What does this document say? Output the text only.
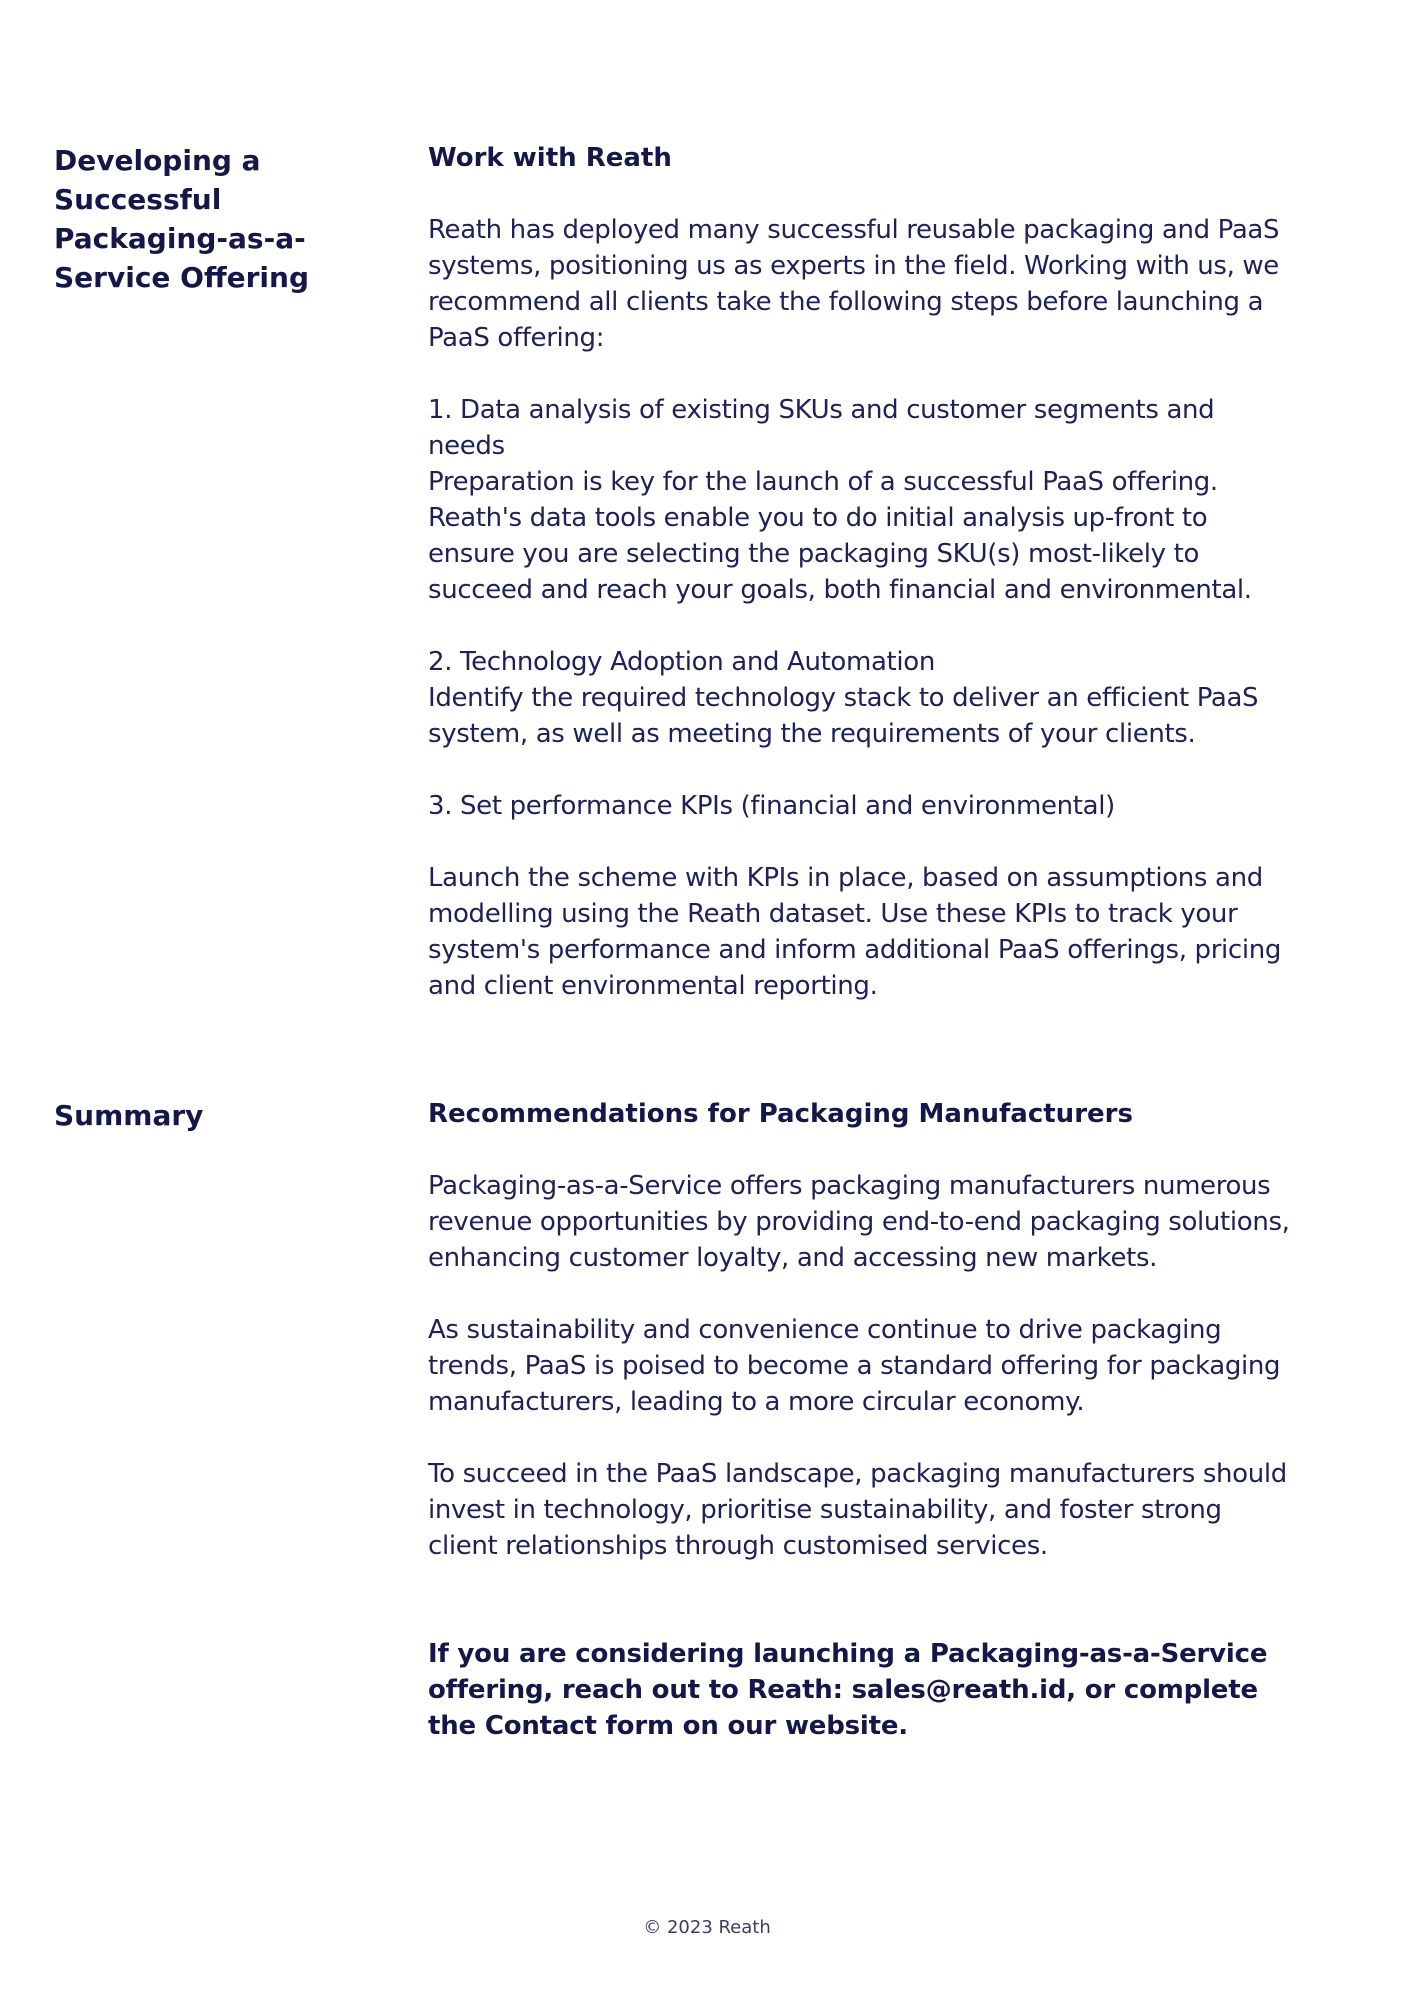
Developing a Successful Packaging-as-a-Service Offering
Work with Reath

Reath has deployed many successful reusable packaging and PaaS systems, positioning us as experts in the field. Working with us, we recommend all clients take the following steps before launching a PaaS offering:

1. Data analysis of existing SKUs and customer segments and needs
Preparation is key for the launch of a successful PaaS offering. Reath's data tools enable you to do initial analysis up-front to ensure you are selecting the packaging SKU(s) most-likely to succeed and reach your goals, both financial and environmental.

2. Technology Adoption and Automation
Identify the required technology stack to deliver an efficient PaaS system, as well as meeting the requirements of your clients.

3. Set performance KPIs (financial and environmental)

Launch the scheme with KPIs in place, based on assumptions and modelling using the Reath dataset. Use these KPIs to track your system's performance and inform additional PaaS offerings, pricing and client environmental reporting.

Summary	Recommendations for Packaging Manufacturers

Packaging-as-a-Service offers packaging manufacturers numerous revenue opportunities by providing end-to-end packaging solutions, enhancing customer loyalty, and accessing new markets.

As sustainability and convenience continue to drive packaging trends, PaaS is poised to become a standard offering for packaging manufacturers, leading to a more circular economy.

To succeed in the PaaS landscape, packaging manufacturers should invest in technology, prioritise sustainability, and foster strong client relationships through customised services.

If you are considering launching a Packaging-as-a-Service offering, reach out to Reath: sales@reath.id, or complete the Contact form on our website.

© 2023 Reath
